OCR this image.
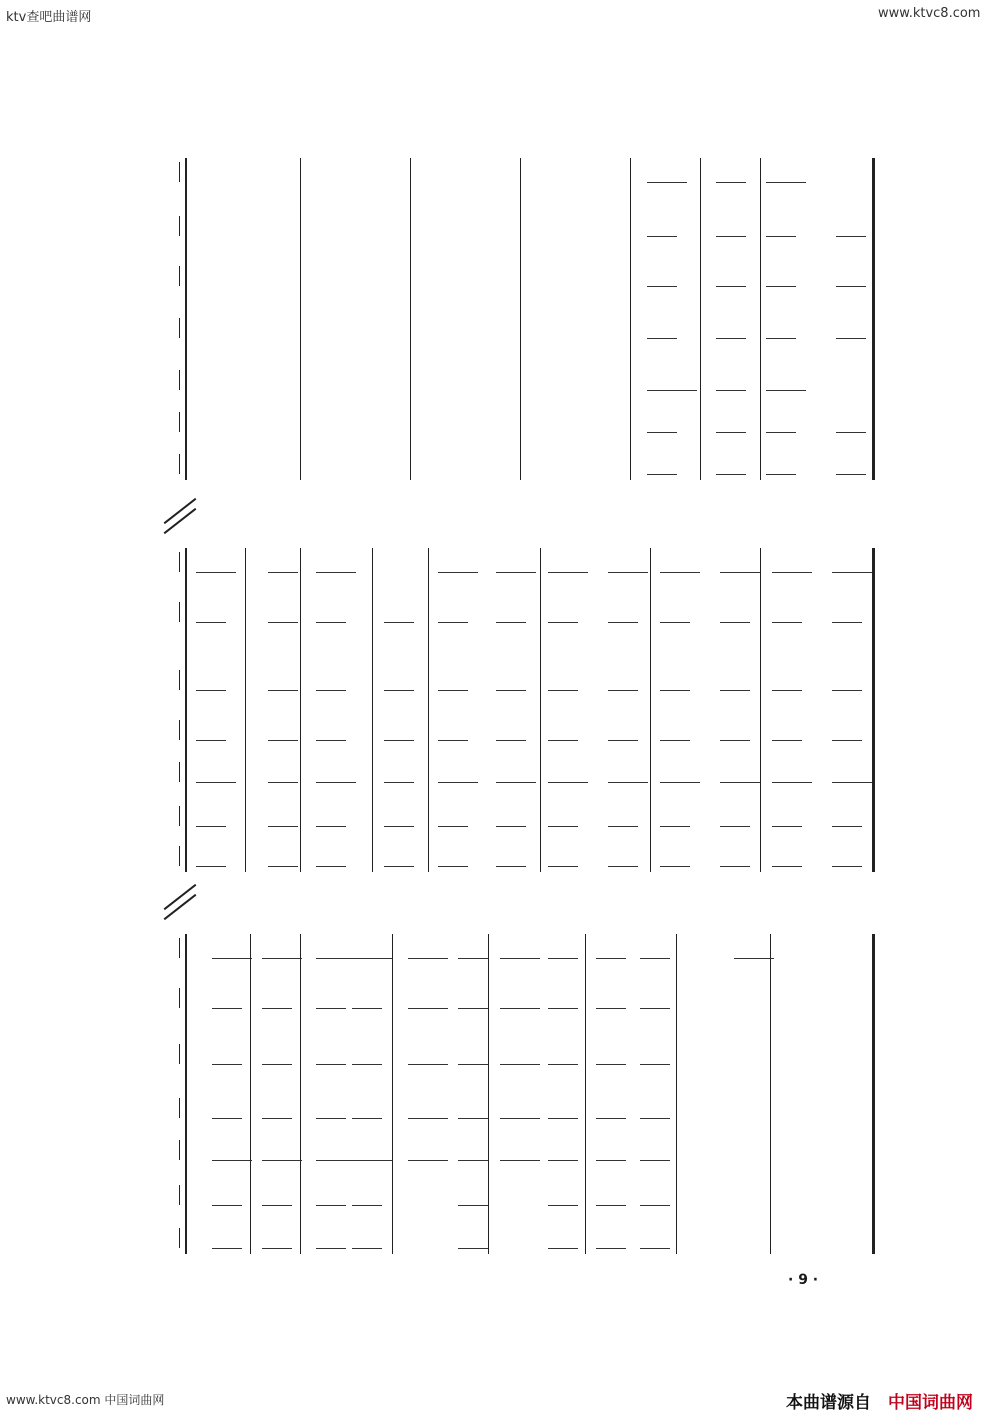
ktv查吧曲谱网	www.ktvc8.com
· 9 ·
www.ktvc8.com 中国词曲网	本曲谱源自 中国词曲网
